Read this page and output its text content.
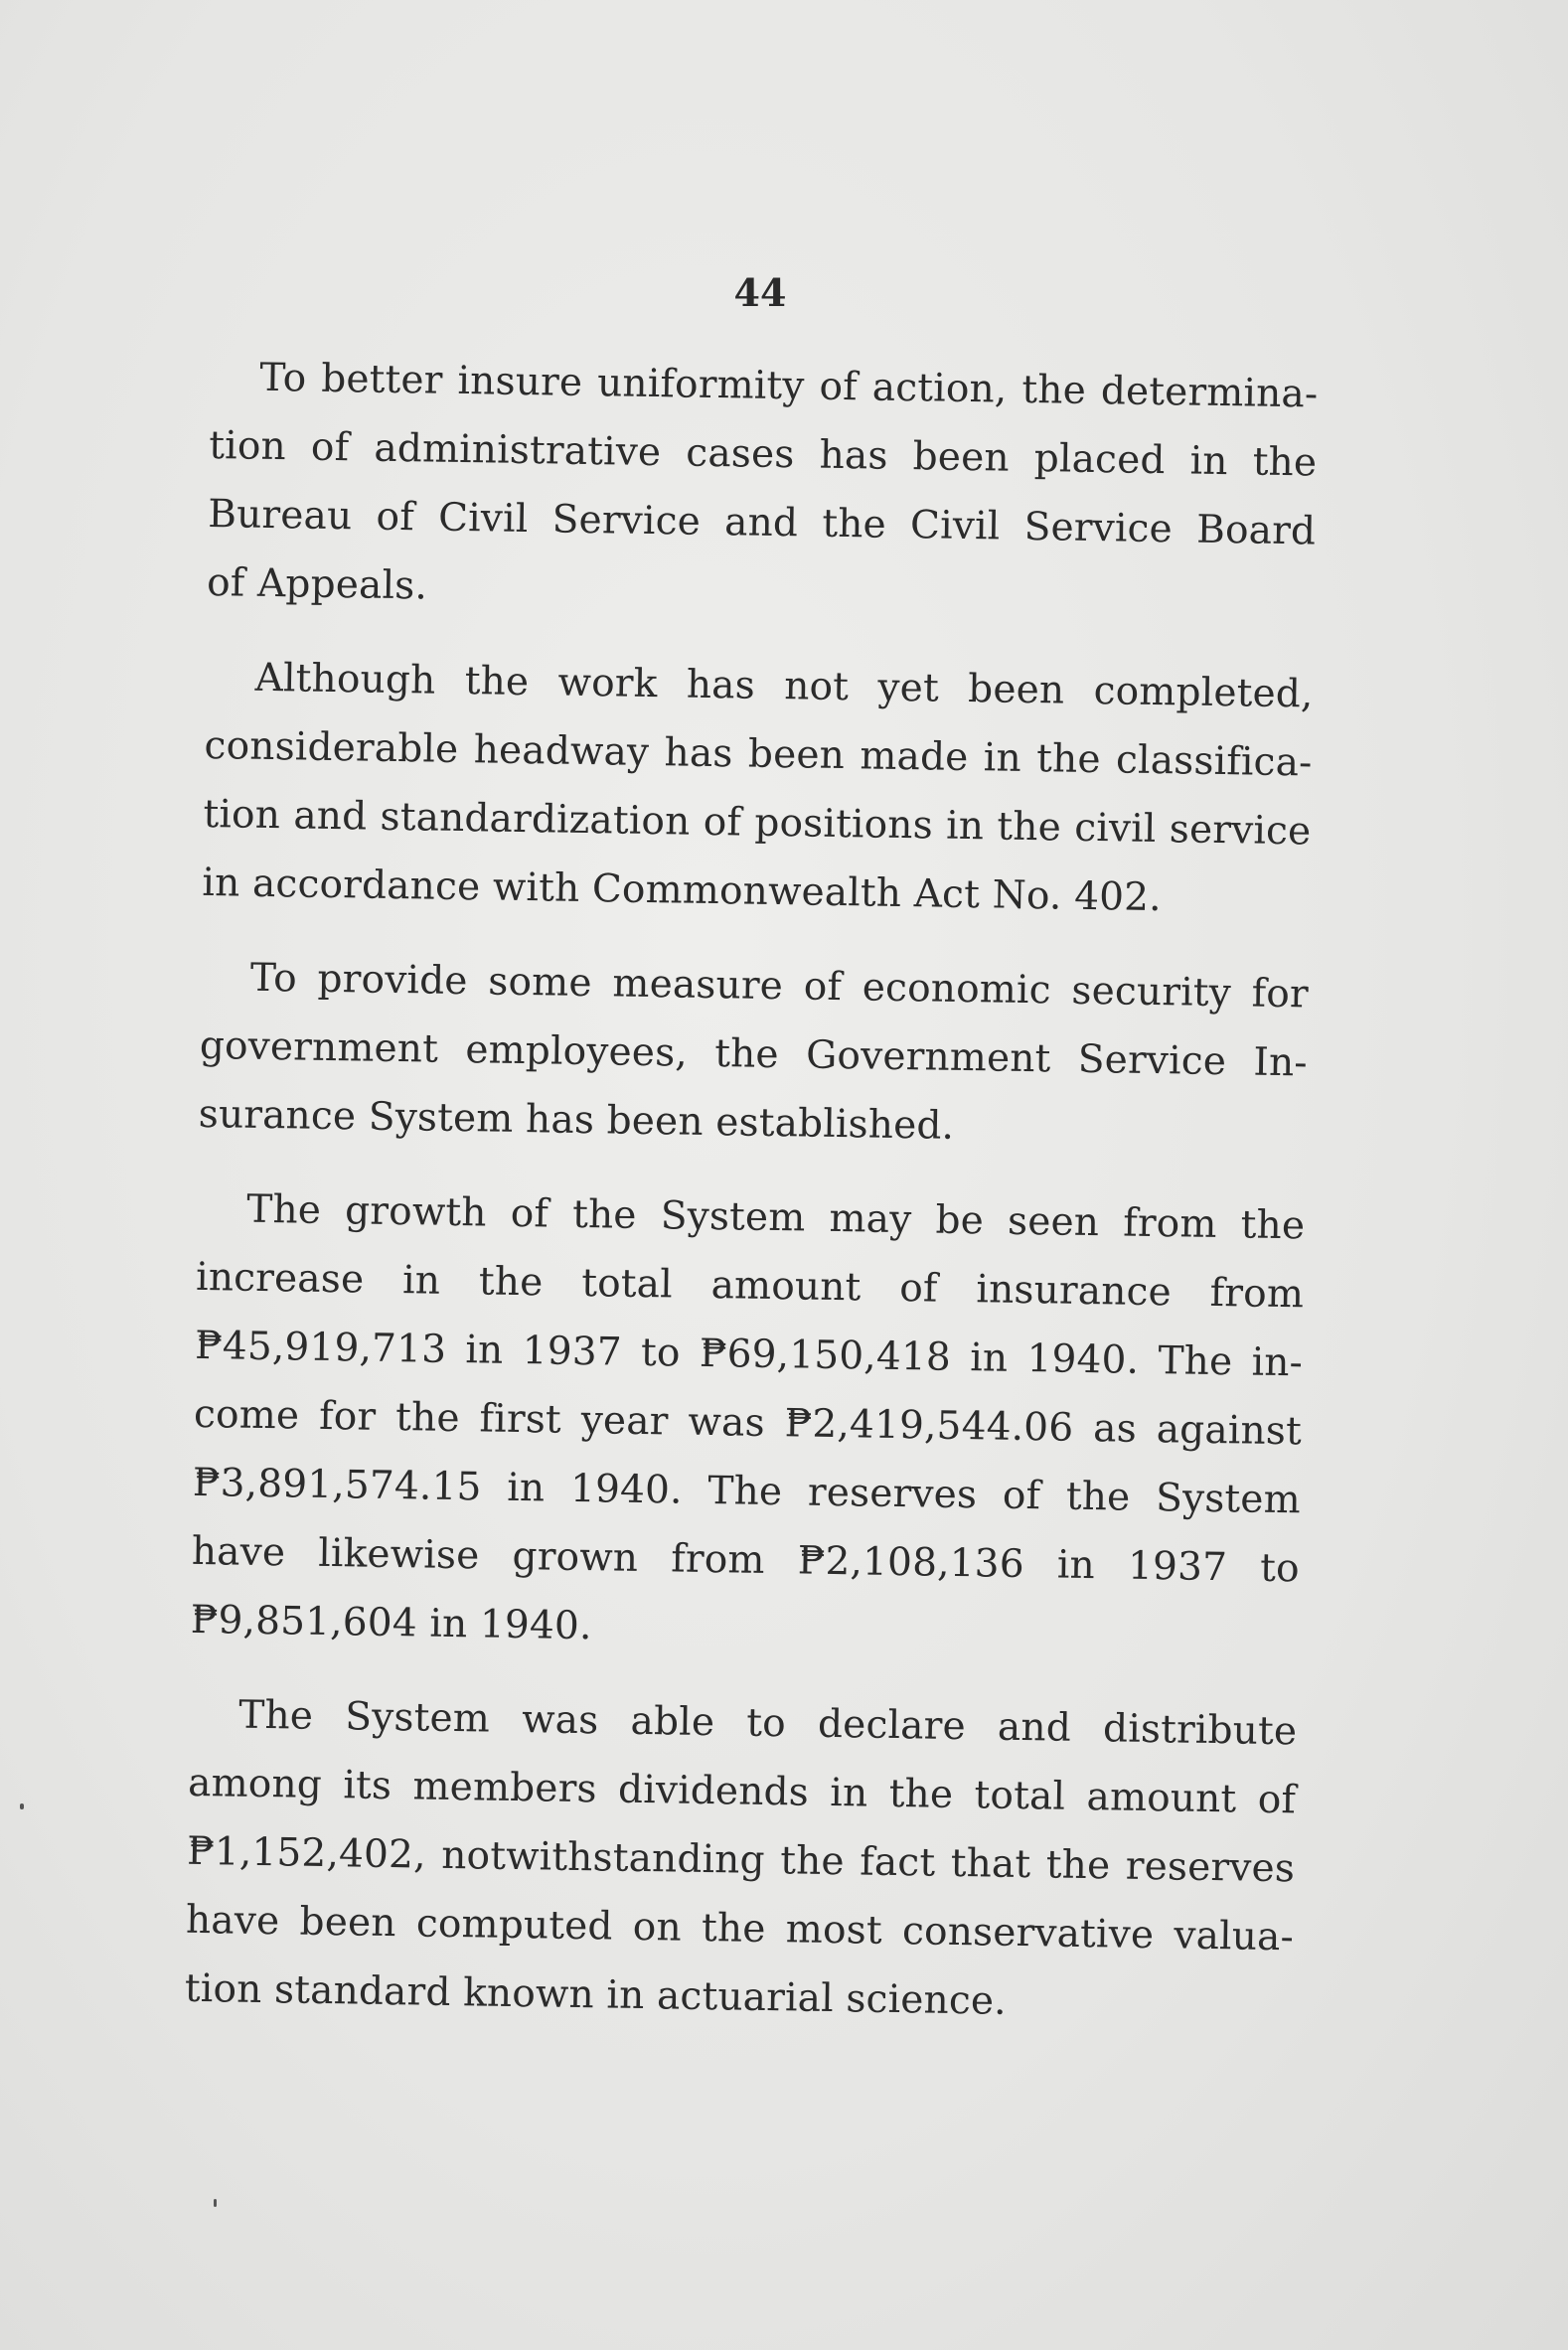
44

To better insure uniformity of action, the determina-
tion of administrative cases has been placed in the
Bureau of Civil Service and the Civil Service Board
of Appeals.
Although the work has not yet been completed,
considerable headway has been made in the classifica-
tion and standardization of positions in the civil service
in accordance with Commonwealth Act No. 402.
To provide some measure of economic security for
government employees, the Government Service In-
surance System has been established.
The growth of the System may be seen from the
increase in the total amount of insurance from
₱45,919,713 in 1937 to ₱69,150,418 in 1940. The in-
come for the first year was ₱2,419,544.06 as against
₱3,891,574.15 in 1940. The reserves of the System
have likewise grown from ₱2,108,136 in 1937 to
₱9,851,604 in 1940.
The System was able to declare and distribute
among its members dividends in the total amount of
₱1,152,402, notwithstanding the fact that the reserves
have been computed on the most conservative valua-
tion standard known in actuarial science.
